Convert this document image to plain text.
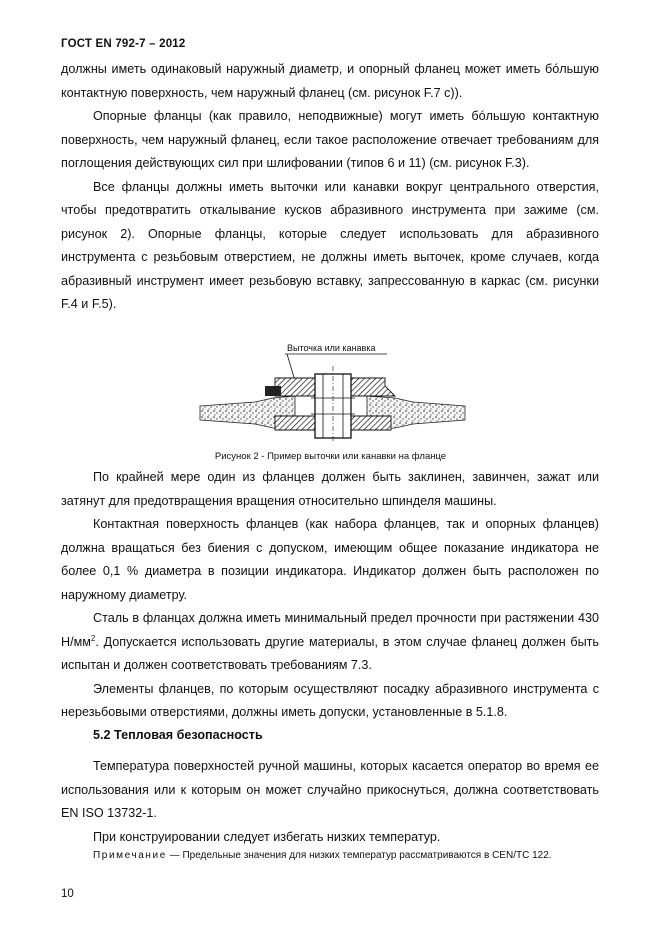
ГОСТ EN 792-7 – 2012

должны иметь одинаковый наружный диаметр, и опорный фланец может иметь бóльшую контактную поверхность, чем наружный фланец (см. рисунок F.7 c)).

Опорные фланцы (как правило, неподвижные) могут иметь бóльшую контактную поверхность, чем наружный фланец, если такое расположение отвечает требованиям для поглощения действующих сил при шлифовании (типов 6 и 11) (см. рисунок F.3).

Все фланцы должны иметь выточки или канавки вокруг центрального отверстия, чтобы предотвратить откалывание кусков абразивного инструмента при зажиме (см. рисунок 2). Опорные фланцы, которые следует использовать для абразивного инструмента с резьбовым отверстием, не должны иметь выточек, кроме случаев, когда абразивный инструмент имеет резьбовую вставку, запрессованную в каркас (см. рисунки F.4 и F.5).

Выточка или канавка
Рисунок 2 - Пример выточки или канавки на фланце

По крайней мере один из фланцев должен быть заклинен, завинчен, зажат или затянут для предотвращения вращения относительно шпинделя машины.

Контактная поверхность фланцев (как набора фланцев, так и опорных фланцев) должна вращаться без биения с допуском, имеющим общее показание индикатора не более 0,1 % диаметра в позиции индикатора. Индикатор должен быть расположен по наружному диаметру.

Сталь в фланцах должна иметь минимальный предел прочности при растяжении 430 $Н/мм^2$. Допускается использовать другие материалы, в этом случае фланец должен быть испытан и должен соответствовать требованиям 7.3.

Элементы фланцев, по которым осуществляют посадку абразивного инструмента с нерезьбовыми отверстиями, должны иметь допуски, установленные в 5.1.8.

5.2 Тепловая безопасность

Температура поверхностей ручной машины, которых касается оператор во время ее использования или к которым он может случайно прикоснуться, должна соответствовать EN ISO 13732-1.

При конструировании следует избегать низких температур.

Примечание — Предельные значения для низких температур рассматриваются в CEN/TC 122.
10
